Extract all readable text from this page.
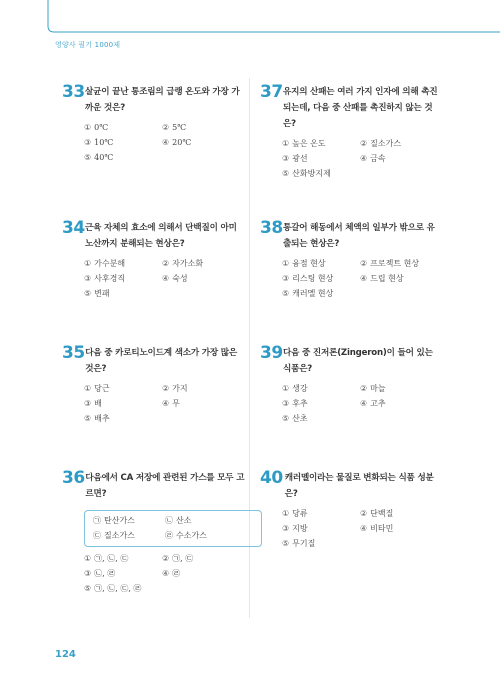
영양사 필기 1000제
33 살균이 끝난 통조림의 급랭 온도와 가장 가까운 것은?
① 0℃	② 5℃
③ 10℃	④ 20℃
⑤ 40℃
37 유지의 산패는 여러 가지 인자에 의해 촉진되는데, 다음 중 산패를 촉진하지 않는 것은?
① 높은 온도	② 질소가스
③ 광선	④ 금속
⑤ 산화방지제
34 근육 자체의 효소에 의해서 단백질이 아미노산까지 분해되는 현상은?
① 가수분해	② 자가소화
③ 사후경직	④ 숙성
⑤ 변패
38 통갈어 해동에서 체액의 일부가 밖으로 유출되는 현상은?
① 융점 현상	② 프로젝트 현상
③ 리스팅 현상	④ 드립 현상
⑤ 캐러멜 현상
35 다음 중 카로티노이드계 색소가 가장 많은 것은?
① 당근	② 가지
③ 배	④ 무
⑤ 배추
39 다음 중 진저론(Zingeron)이 들어 있는 식품은?
① 생강	② 마늘
③ 후추	④ 고추
⑤ 산초
36 다음에서 CA 저장에 관련된 가스를 모두 고르면?
㉠ 탄산가스	㉡ 산소
㉢ 질소가스	㉣ 수소가스
① ㉠, ㉡, ㉢	② ㉠, ㉢
③ ㉡, ㉣	④ ㉣
⑤ ㉠, ㉡, ㉢, ㉣
40 캐러멜이라는 물질로 변화되는 식품 성분은?
① 당류	② 단백질
③ 지방	④ 비타민
⑤ 무기질
124
